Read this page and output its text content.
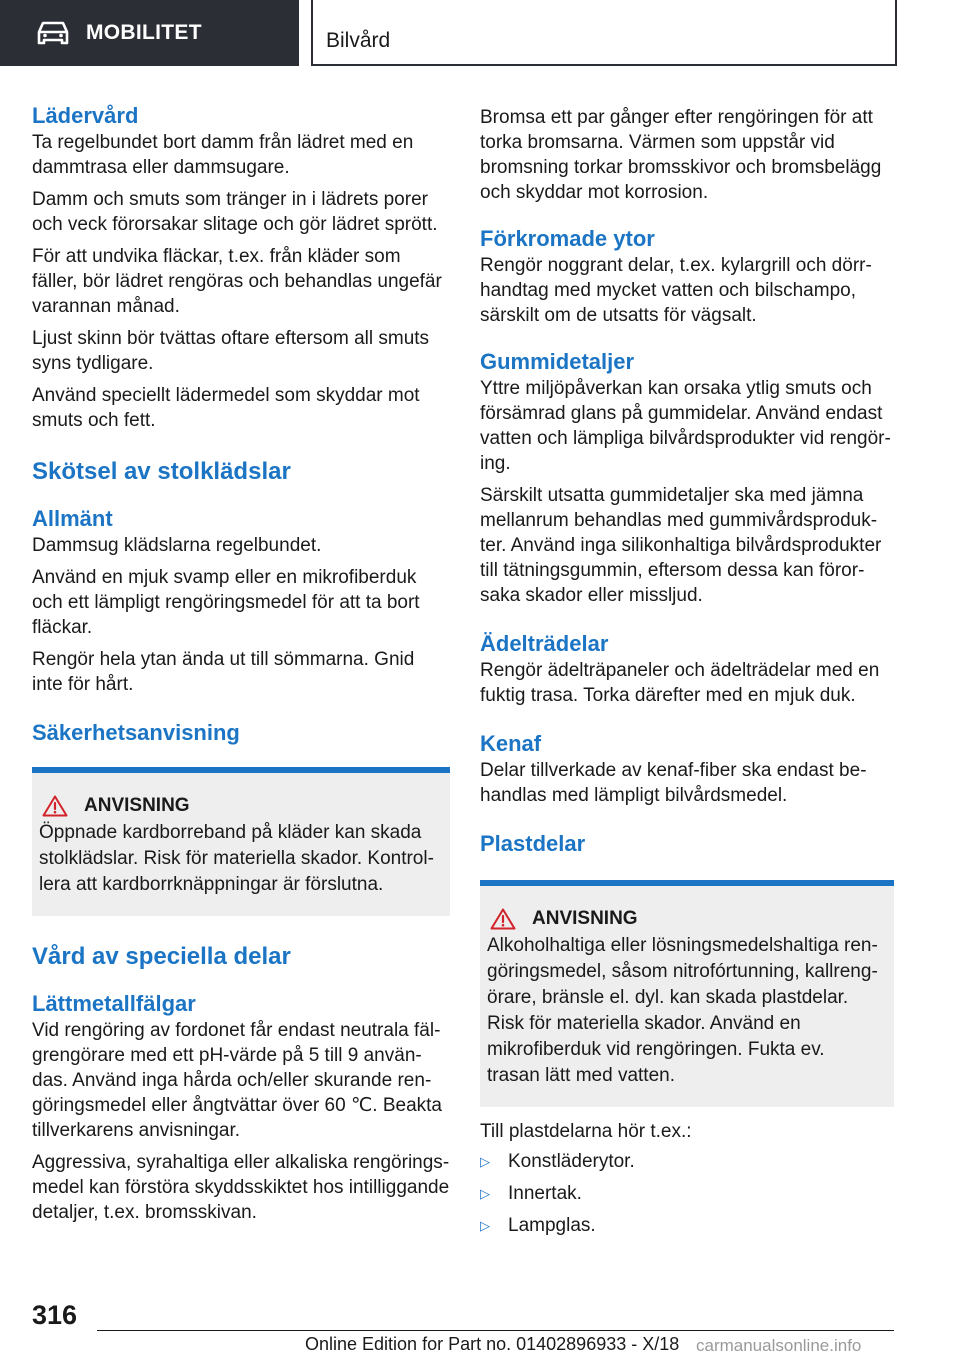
MOBILITET	Bilvård
Lädervård

Ta regelbundet bort damm från lädret med en dammtrasa eller dammsugare.

Damm och smuts som tränger in i lädrets porer och veck förorsakar slitage och gör lädret sprött.

För att undvika fläckar, t.ex. från kläder som fäller, bör lädret rengöras och behandlas ungefär varannan månad.

Ljust skinn bör tvättas oftare eftersom all smuts syns tydligare.

Använd speciellt lädermedel som skyddar mot smuts och fett.

Skötsel av stolklädslar
Allmänt

Dammsug klädslarna regelbundet.

Använd en mjuk svamp eller en mikrofiberduk och ett lämpligt rengöringsmedel för att ta bort fläckar.

Rengör hela ytan ända ut till sömmarna. Gnid inte för hårt.

Säkerhetsanvisning
ANVISNING

Öppnade kardborreband på kläder kan skada stolklädslar. Risk för materiella skador. Kontrollera att kardborrknäppningar är förslutna.

Vård av speciella delar
Lättmetallfälgar

Vid rengöring av fordonet får endast neutrala fälgrengörare med ett pH-värde på 5 till 9 användas. Använd inga hårda och/eller skurande rengöringsmedel eller ångtvättar över 60 ℃. Beakta tillverkarens anvisningar.

Aggressiva, syrahaltiga eller alkaliska rengöringsmedel kan förstöra skyddsskiktet hos intilliggande detaljer, t.ex. bromsskivan.

Bromsa ett par gånger efter rengöringen för att torka bromsarna. Värmen som uppstår vid bromsning torkar bromsskivor och bromsbelägg och skyddar mot korrosion.

Förkromade ytor

Rengör noggrant delar, t.ex. kylargrill och dörrhandtag med mycket vatten och bilschampo, särskilt om de utsatts för vägsalt.

Gummidetaljer

Yttre miljöpåverkan kan orsaka ytlig smuts och försämrad glans på gummidelar. Använd endast vatten och lämpliga bilvårdsprodukter vid rengöring.

Särskilt utsatta gummidetaljer ska med jämna mellanrum behandlas med gummivårdsprodukter. Använd inga silikonhaltiga bilvårdsprodukter till tätningsgummin, eftersom dessa kan förorsaka skador eller missljud.

Ädelträdelar

Rengör ädelträpaneler och ädelträdelar med en fuktig trasa. Torka därefter med en mjuk duk.

Kenaf

Delar tillverkade av kenaf-fiber ska endast behandlas med lämpligt bilvårdsmedel.

Plastdelar
ANVISNING

Alkoholhaltiga eller lösningsmedelshaltiga rengöringsmedel, såsom nitrofórtunning, kallrengörare, bränsle el. dyl. kan skada plastdelar. Risk för materiella skador. Använd en mikrofiberduk vid rengöringen. Fukta ev. trasan lätt med vatten.

Till plastdelarna hör t.ex.:

▷ Konstläderytor.
▷ Innertak.
▷ Lampglas.
316
Online Edition for Part no. 01402896933 - X/18 carmanualsonline.info
